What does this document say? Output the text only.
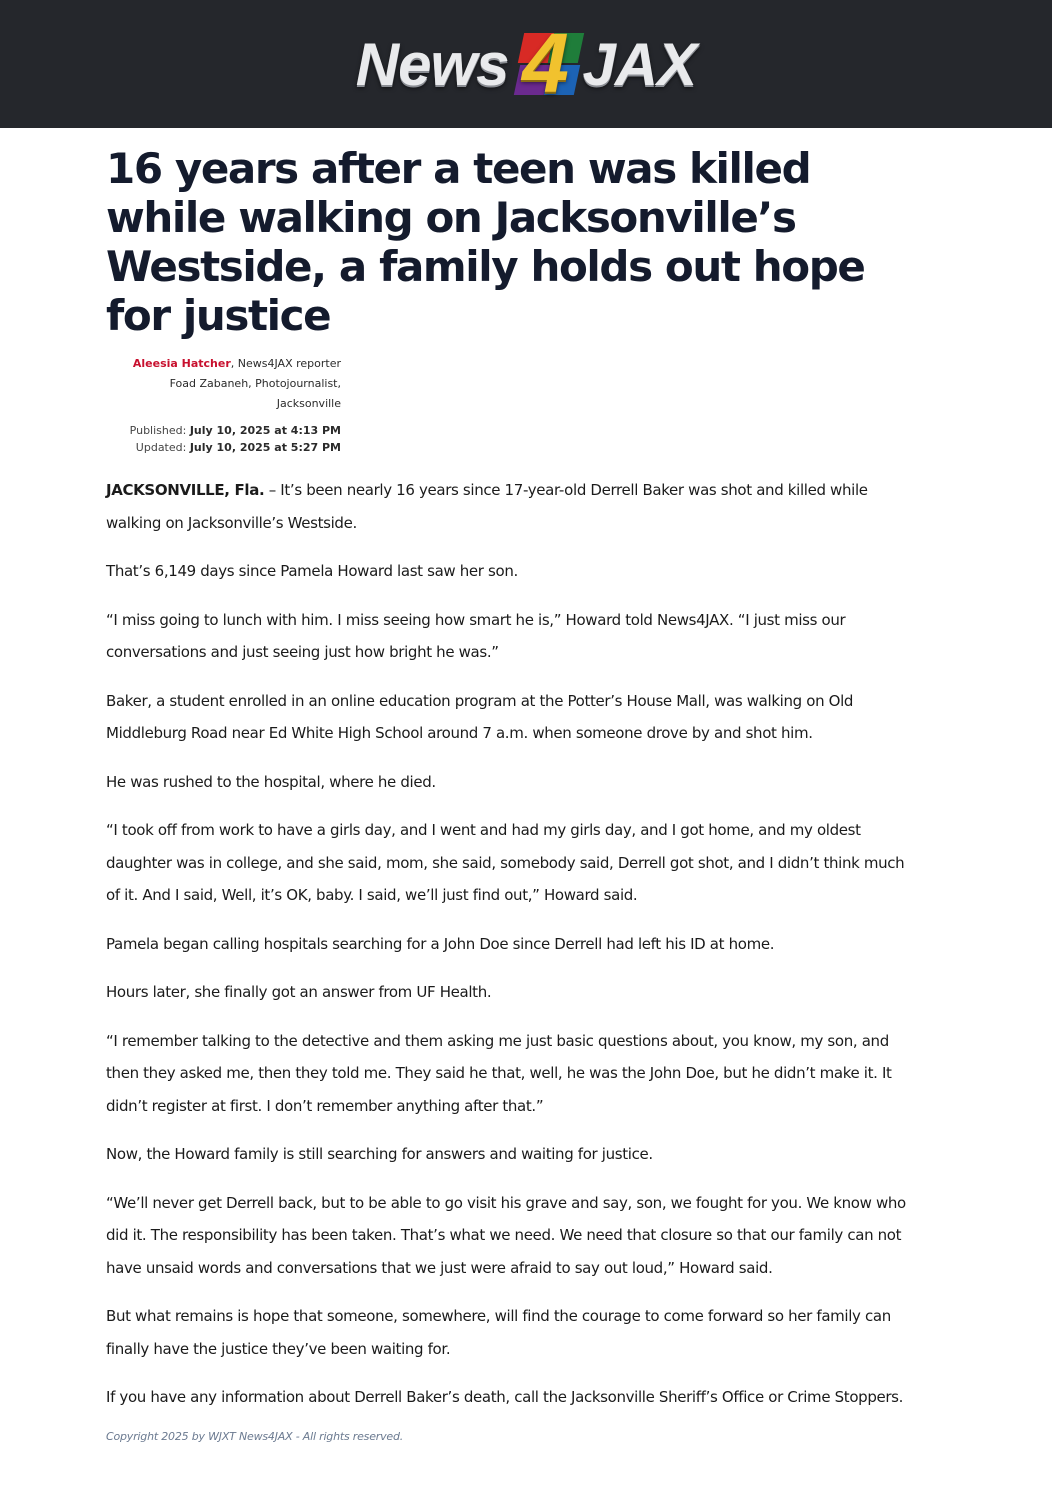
News 4 JAX
16 years after a teen was killed while walking on Jacksonville’s Westside, a family holds out hope for justice
Aleesia Hatcher, News4JAX reporter
Foad Zabaneh, Photojournalist, Jacksonville
Published: July 10, 2025 at 4:13 PM
Updated: July 10, 2025 at 5:27 PM

JACKSONVILLE, Fla. – It’s been nearly 16 years since 17-year-old Derrell Baker was shot and killed while walking on Jacksonville’s Westside.

That’s 6,149 days since Pamela Howard last saw her son.

“I miss going to lunch with him. I miss seeing how smart he is,” Howard told News4JAX. “I just miss our conversations and just seeing just how bright he was.”

Baker, a student enrolled in an online education program at the Potter’s House Mall, was walking on Old Middleburg Road near Ed White High School around 7 a.m. when someone drove by and shot him.

He was rushed to the hospital, where he died.

“I took off from work to have a girls day, and I went and had my girls day, and I got home, and my oldest daughter was in college, and she said, mom, she said, somebody said, Derrell got shot, and I didn’t think much of it. And I said, Well, it’s OK, baby. I said, we’ll just find out,” Howard said.

Pamela began calling hospitals searching for a John Doe since Derrell had left his ID at home.

Hours later, she finally got an answer from UF Health.

“I remember talking to the detective and them asking me just basic questions about, you know, my son, and then they asked me, then they told me. They said he that, well, he was the John Doe, but he didn’t make it. It didn’t register at first. I don’t remember anything after that.”

Now, the Howard family is still searching for answers and waiting for justice.

“We’ll never get Derrell back, but to be able to go visit his grave and say, son, we fought for you. We know who did it. The responsibility has been taken. That’s what we need. We need that closure so that our family can not have unsaid words and conversations that we just were afraid to say out loud,” Howard said.

But what remains is hope that someone, somewhere, will find the courage to come forward so her family can finally have the justice they’ve been waiting for.

If you have any information about Derrell Baker’s death, call the Jacksonville Sheriff’s Office or Crime Stoppers.

Copyright 2025 by WJXT News4JAX - All rights reserved.
